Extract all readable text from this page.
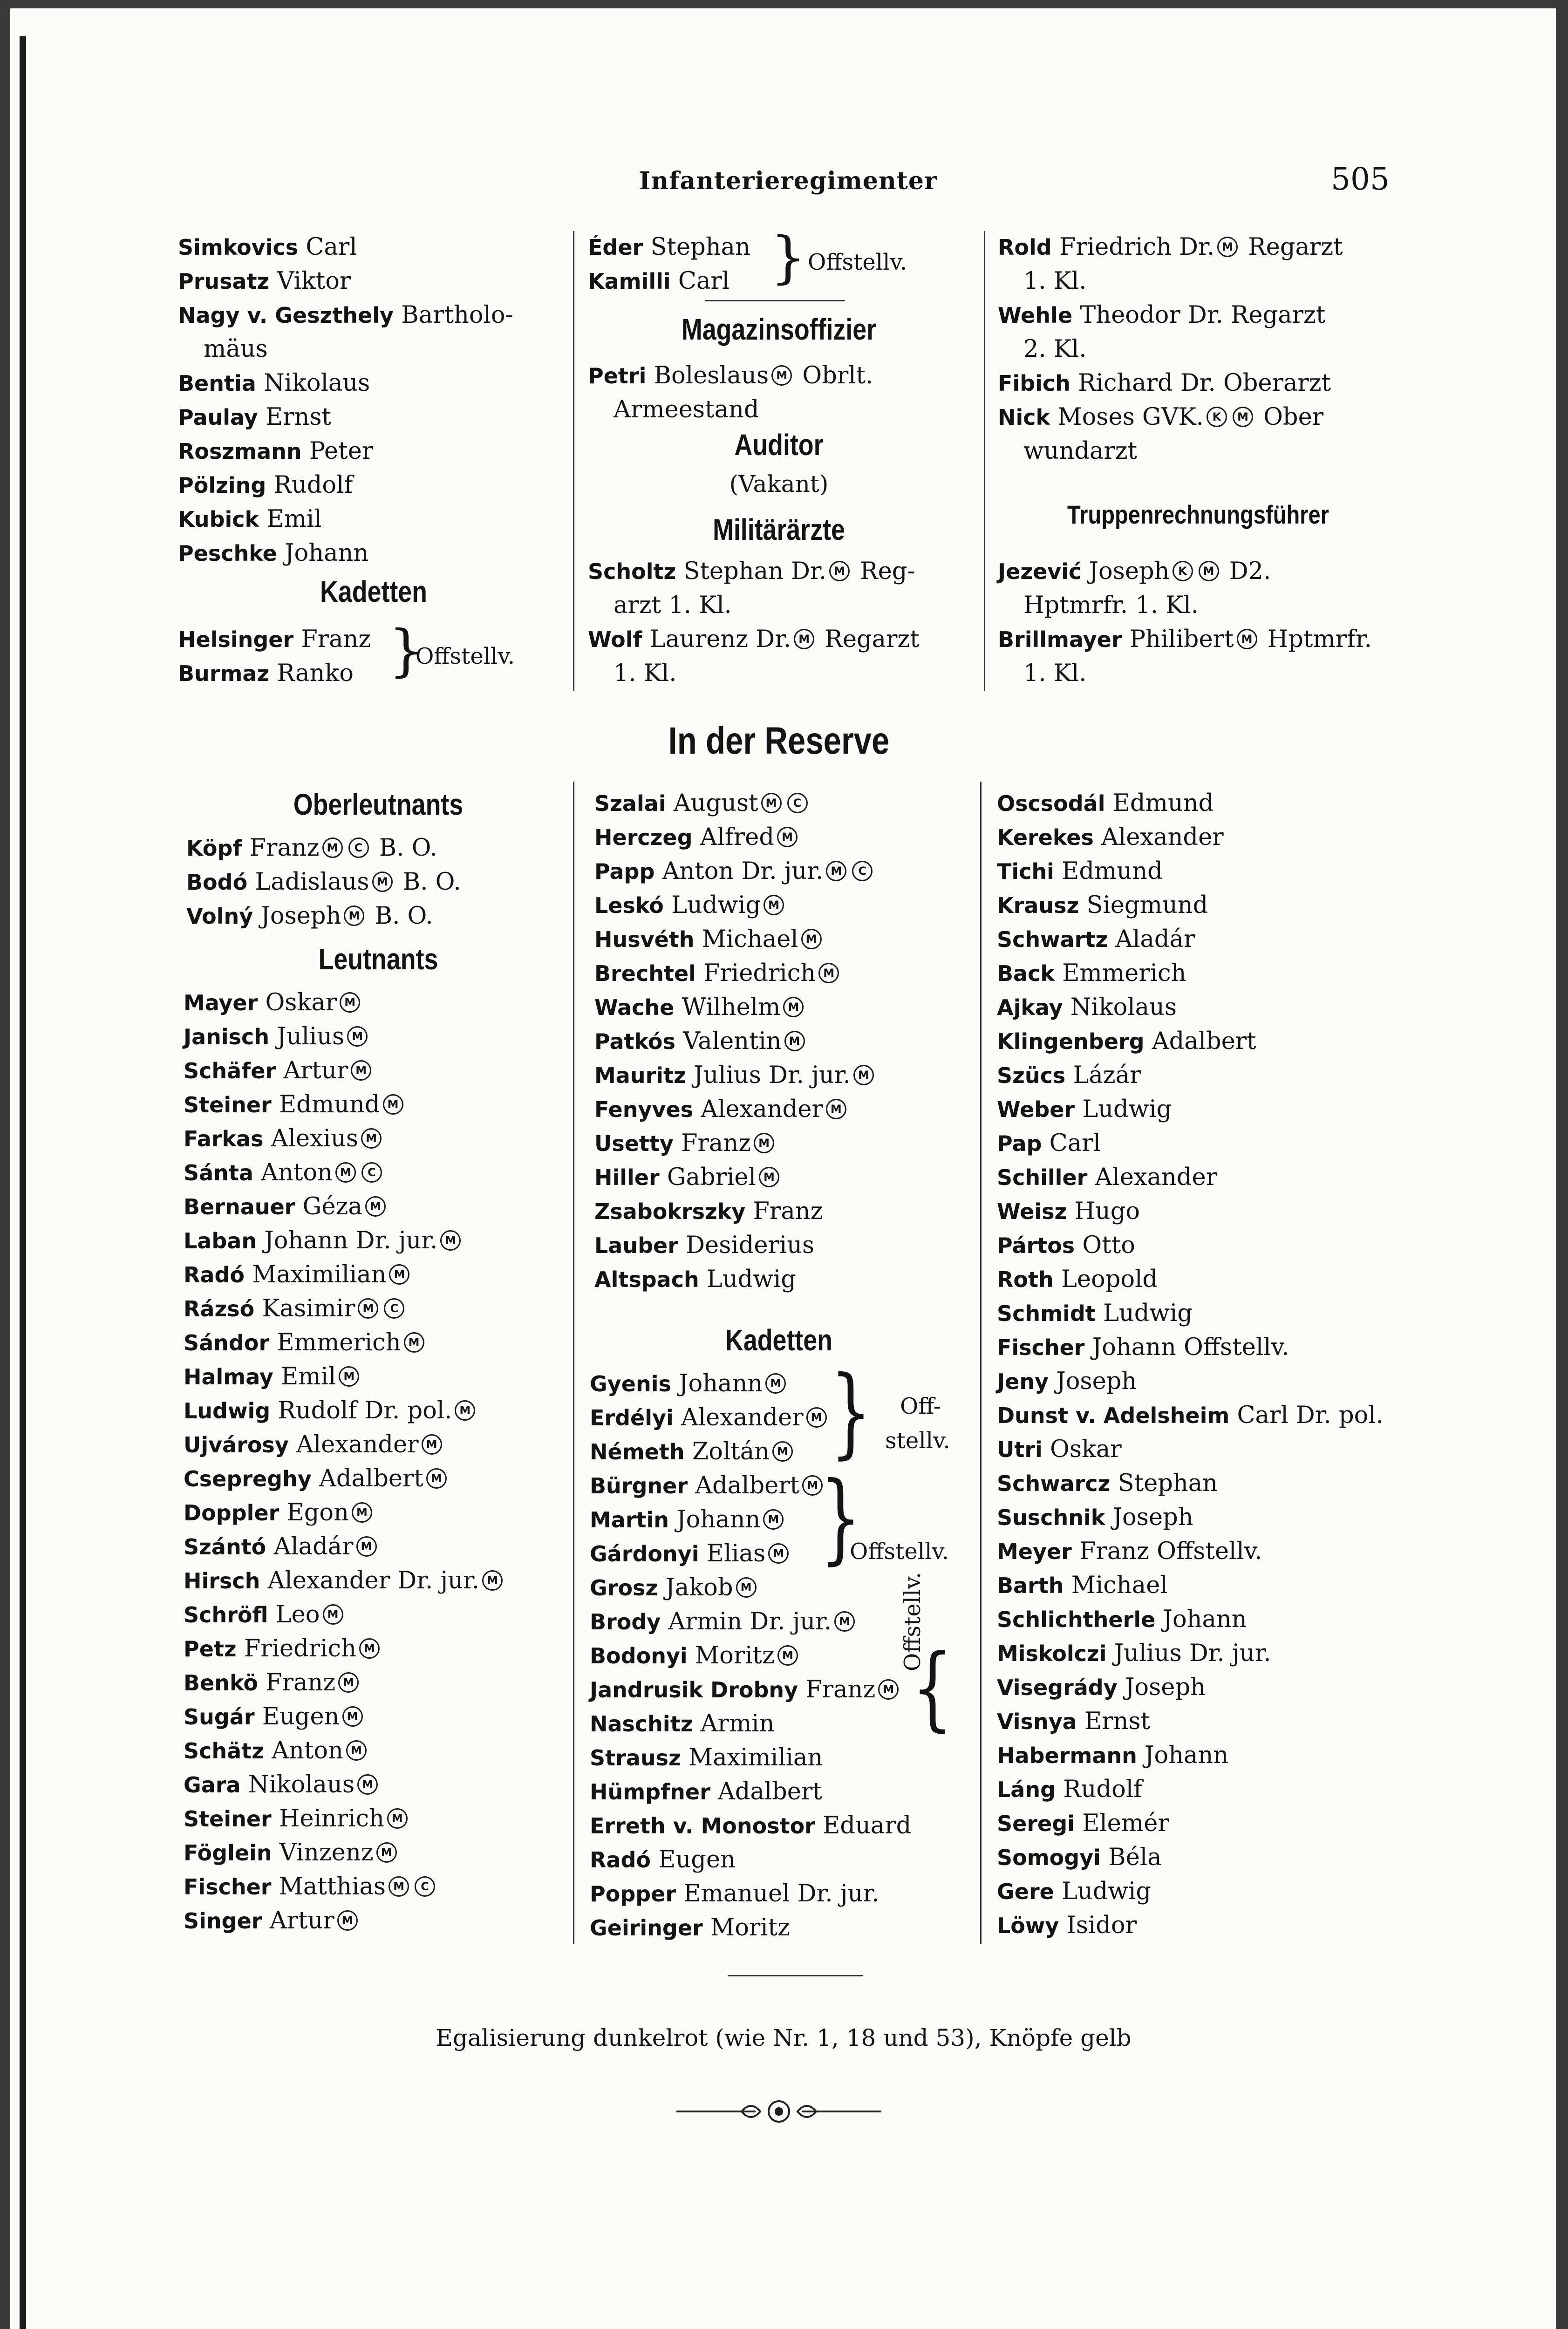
Infanterieregimenter	505
Simkovics Carl
Prusatz Viktor
Nagy v. Geszthely Bartholo-
mäus
Bentia Nikolaus
Paulay Ernst
Roszmann Peter
Pölzing Rudolf
Kubick Emil
Peschke Johann
Kadetten
Helsinger Franz
Burmaz Ranko }
Offstellv.
Éder Stephan
Kamilli Carl } Offstellv.
Magazinsoffizier
Petri Boleslaus M Obrlt.
Armeestand
Auditor
(Vakant)
Militärärzte
Scholtz Stephan Dr. M Reg-
arzt 1. Kl.
Wolf Laurenz Dr. M Regarzt
1. Kl.
Rold Friedrich Dr. M Regarzt
1. Kl.
Wehle Theodor Dr. Regarzt
2. Kl.
Fibich Richard Dr. Oberarzt
Nick Moses GVK. K M Ober
wundarzt
Truppenrechnungsführer
Jezević Joseph K M D2.
Hptmrfr. 1. Kl.
Brillmayer Philibert M Hptmrfr.
1. Kl.
In der Reserve
Oberleutnants
Köpf Franz M C B. O.
Bodó Ladislaus M B. O.
Volný Joseph M B. O.
Leutnants
Mayer Oskar M
Janisch Julius M
Schäfer Artur M
Steiner Edmund M
Farkas Alexius M
Sánta Anton M C
Bernauer Géza M
Laban Johann Dr. jur. M
Radó Maximilian M
Rázsó Kasimir M C
Sándor Emmerich M
Halmay Emil M
Ludwig Rudolf Dr. pol. M
Ujvárosy Alexander M
Csepreghy Adalbert M
Doppler Egon M
Szántó Aladár M
Hirsch Alexander Dr. jur. M
Schröfl Leo M
Petz Friedrich M
Benkö Franz M
Sugár Eugen M
Schätz Anton M
Gara Nikolaus M
Steiner Heinrich M
Föglein Vinzenz M
Fischer Matthias M C
Singer Artur M
Szalai August M C
Herczeg Alfred M
Papp Anton Dr. jur. M C
Leskó Ludwig M
Husvéth Michael M
Brechtel Friedrich M
Wache Wilhelm M
Patkós Valentin M
Mauritz Julius Dr. jur. M
Fenyves Alexander M
Usetty Franz M
Hiller Gabriel M
Zsabokrszky Franz
Lauber Desiderius
Altspach Ludwig
Kadetten
Gyenis Johann M
Erdélyi Alexander M
Németh Zoltán M
Bürgner Adalbert M
Martin Johann M
Gárdonyi Elias M
Grosz Jakob M
Brody Armin Dr. jur. M
Bodonyi Moritz M
Jandrusik Drobny Franz M
Naschitz Armin
Strausz Maximilian
Hümpfner Adalbert
Erreth v. Monostor Eduard
Radó Eugen
Popper Emanuel Dr. jur.
Geiringer Moritz
} Off-
stellv.
}
Offstellv.
}
Offstellv.
Oscsodál Edmund
Kerekes Alexander
Tichi Edmund
Krausz Siegmund
Schwartz Aladár
Back Emmerich
Ajkay Nikolaus
Klingenberg Adalbert
Szücs Lázár
Weber Ludwig
Pap Carl
Schiller Alexander
Weisz Hugo
Pártos Otto
Roth Leopold
Schmidt Ludwig
Fischer Johann Offstellv.
Jeny Joseph
Dunst v. Adelsheim Carl Dr. pol.
Utri Oskar
Schwarcz Stephan
Suschnik Joseph
Meyer Franz Offstellv.
Barth Michael
Schlichtherle Johann
Miskolczi Julius Dr. jur.
Visegrády Joseph
Visnya Ernst
Habermann Johann
Láng Rudolf
Seregi Elemér
Somogyi Béla
Gere Ludwig
Löwy Isidor
Egalisierung dunkelrot (wie Nr. 1, 18 und 53), Knöpfe gelb
